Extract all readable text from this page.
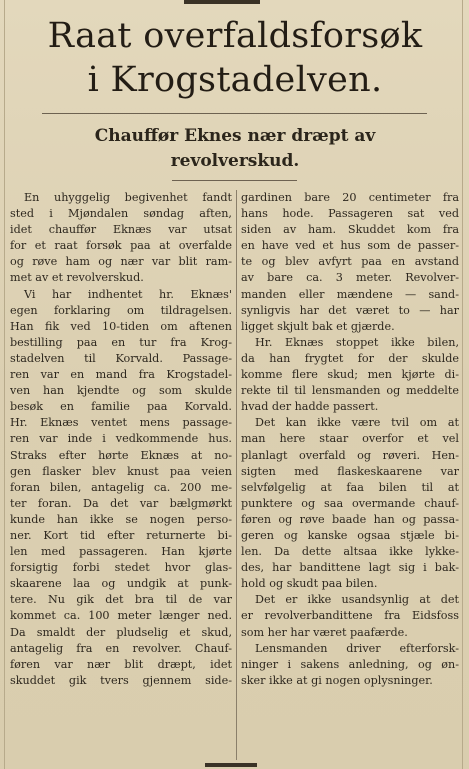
Raat overfaldsforsøk
i Krogstadelven.
Chauffør Eknes nær dræpt av
revolverskud.
En uhyggelig begivenhet fandt
sted i Mjøndalen søndag aften,
idet chauffør Eknæs var utsat
for et raat forsøk paa at overfalde
og røve ham og nær var blit ram-
met av et revolverskud.
Vi har indhentet hr. Eknæs'
egen forklaring om tildragelsen.
Han fik ved 10-tiden om aftenen
bestilling paa en tur fra Krog-
stadelven til Korvald. Passage-
ren var en mand fra Krogstadel-
ven han kjendte og som skulde
besøk en familie paa Korvald.
Hr. Eknæs ventet mens passage-
ren var inde i vedkommende hus.
Straks efter hørte Eknæs at no-
gen flasker blev knust paa veien
foran bilen, antagelig ca. 200 me-
ter foran. Da det var bælgmørkt
kunde han ikke se nogen perso-
ner. Kort tid efter returnerte bi-
len med passageren. Han kjørte
forsigtig forbi stedet hvor glas-
skaarene laa og undgik at punk-
tere. Nu gik det bra til de var
kommet ca. 100 meter længer ned.
Da smaldt der pludselig et skud,
antagelig fra en revolver. Chauf-
føren var nær blit dræpt, idet
skuddet gik tvers gjennem side-
gardinen bare 20 centimeter fra
hans hode. Passageren sat ved
siden av ham. Skuddet kom fra
en have ved et hus som de passer-
te og blev avfyrt paa en avstand
av bare ca. 3 meter. Revolver-
manden eller mændene — sand-
synligvis har det været to — har
ligget skjult bak et gjærde.
Hr. Eknæs stoppet ikke bilen,
da han frygtet for der skulde
komme flere skud; men kjørte di-
rekte til til lensmanden og meddelte
hvad der hadde passert.
Det kan ikke være tvil om at
man here staar overfor et vel
planlagt overfald og røveri. Hen-
sigten med flaskeskaarene var
selvfølgelig at faa bilen til at
punktere og saa overmande chauf-
føren og røve baade han og passa-
geren og kanske ogsaa stjæle bi-
len. Da dette altsaa ikke lykke-
des, har bandittene lagt sig i bak-
hold og skudt paa bilen.
Det er ikke usandsynlig at det
er revolverbandittene fra Eidsfoss
som her har været paafærde.
Lensmanden driver efterforsk-
ninger i sakens anledning, og øn-
sker ikke at gi nogen oplysninger.
